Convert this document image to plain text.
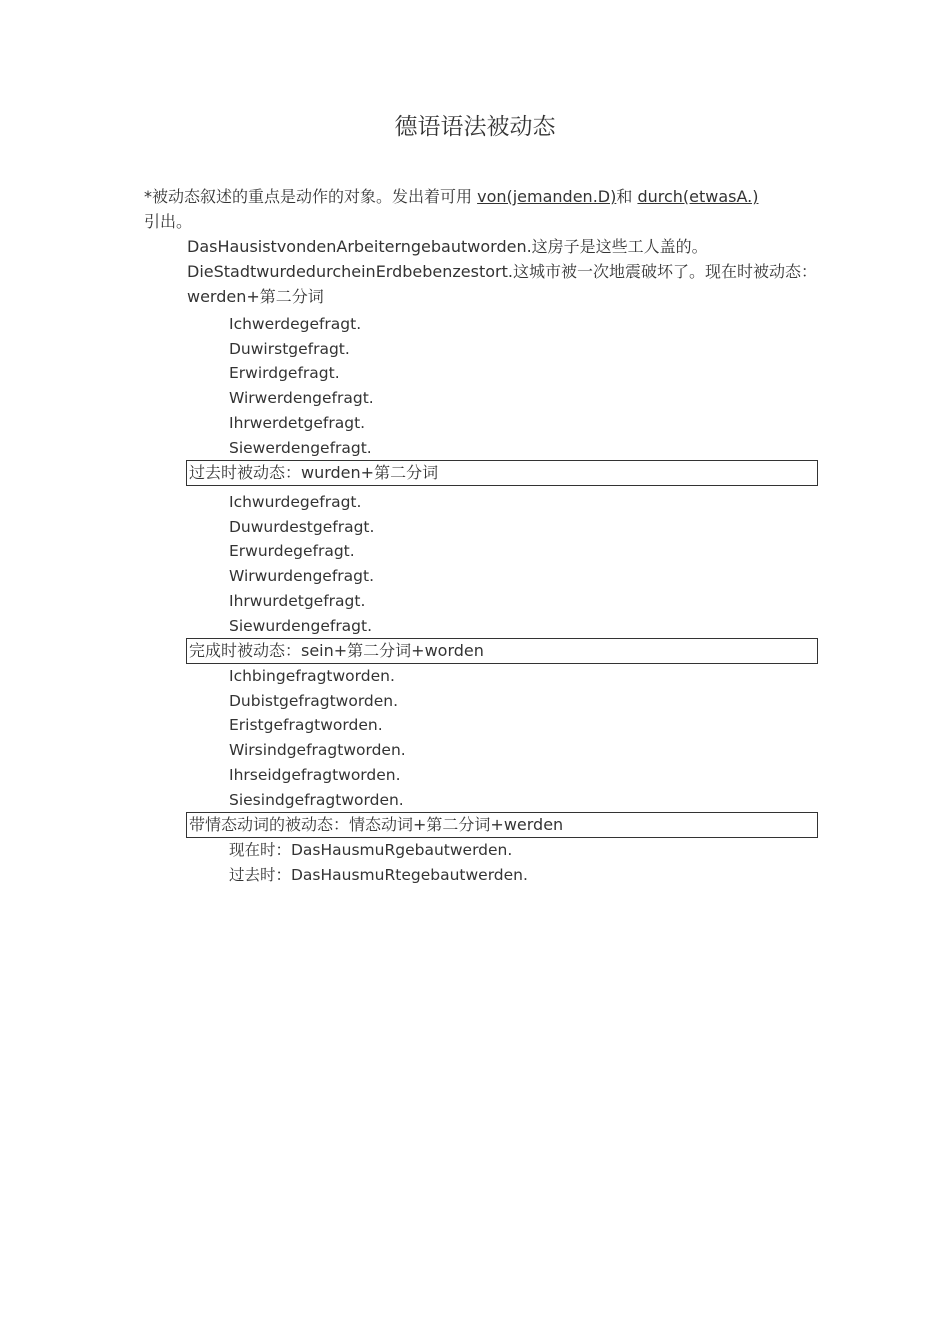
德语语法被动态

*被动态叙述的重点是动作的对象。发出着可用 von(jemanden.D)和 durch(etwasA.)
引出。

DasHausistvondenArbeiterngebautworden.这房子是这些工人盖的。

DieStadtwurdedurcheinErdbebenzestort.这城市被一次地震破坏了。现在时被动态：werden+第二分词

Ichwerdegefragt.
Duwirstgefragt.
Erwirdgefragt.
Wirwerdengefragt.
Ihrwerdetgefragt.
Siewerdengefragt.
过去时被动态：wurden+第二分词
Ichwurdegefragt.
Duwurdestgefragt.
Erwurdegefragt.
Wirwurdengefragt.
Ihrwurdetgefragt.
Siewurdengefragt.
完成时被动态：sein+第二分词+worden
Ichbingefragtworden.
Dubistgefragtworden.
Eristgefragtworden.
Wirsindgefragtworden.
Ihrseidgefragtworden.
Siesindgefragtworden.
带情态动词的被动态：情态动词+第二分词+werden
现在时：DasHausmuRgebautwerden.
过去时：DasHausmuRtegebautwerden.
